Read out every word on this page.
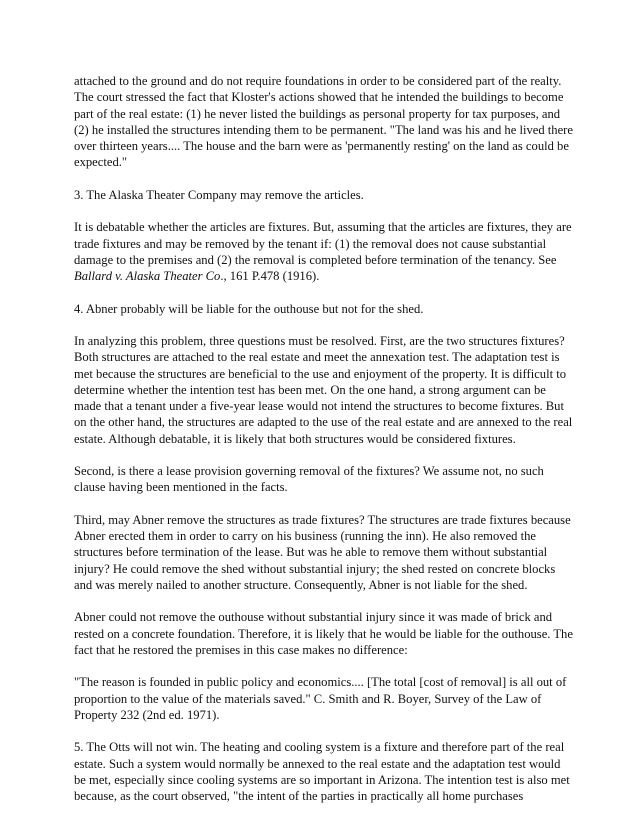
attached to the ground and do not require foundations in order to be considered part of the realty. The court stressed the fact that Kloster's actions showed that he intended the buildings to become part of the real estate: (1) he never listed the buildings as personal property for tax purposes, and (2) he installed the structures intending them to be permanent. "The land was his and he lived there over thirteen years.... The house and the barn were as 'permanently resting' on the land as could be expected."

3. The Alaska Theater Company may remove the articles.

It is debatable whether the articles are fixtures. But, assuming that the articles are fixtures, they are trade fixtures and may be removed by the tenant if: (1) the removal does not cause substantial damage to the premises and (2) the removal is completed before termination of the tenancy. See Ballard v. Alaska Theater Co., 161 P.478 (1916).

4. Abner probably will be liable for the outhouse but not for the shed.

In analyzing this problem, three questions must be resolved. First, are the two structures fixtures? Both structures are attached to the real estate and meet the annexation test. The adaptation test is met because the structures are beneficial to the use and enjoyment of the property. It is difficult to determine whether the intention test has been met. On the one hand, a strong argument can be made that a tenant under a five-year lease would not intend the structures to become fixtures. But on the other hand, the structures are adapted to the use of the real estate and are annexed to the real estate. Although debatable, it is likely that both structures would be considered fixtures.

Second, is there a lease provision governing removal of the fixtures? We assume not, no such clause having been mentioned in the facts.

Third, may Abner remove the structures as trade fixtures? The structures are trade fixtures because Abner erected them in order to carry on his business (running the inn). He also removed the structures before termination of the lease. But was he able to remove them without substantial injury? He could remove the shed without substantial injury; the shed rested on concrete blocks and was merely nailed to another structure. Consequently, Abner is not liable for the shed.

Abner could not remove the outhouse without substantial injury since it was made of brick and rested on a concrete foundation. Therefore, it is likely that he would be liable for the outhouse. The fact that he restored the premises in this case makes no difference:

"The reason is founded in public policy and economics.... [The total [cost of removal] is all out of proportion to the value of the materials saved." C. Smith and R. Boyer, Survey of the Law of Property 232 (2nd ed. 1971).

5. The Otts will not win. The heating and cooling system is a fixture and therefore part of the real estate. Such a system would normally be annexed to the real estate and the adaptation test would be met, especially since cooling systems are so important in Arizona. The intention test is also met because, as the court observed, "the intent of the parties in practically all home purchases
